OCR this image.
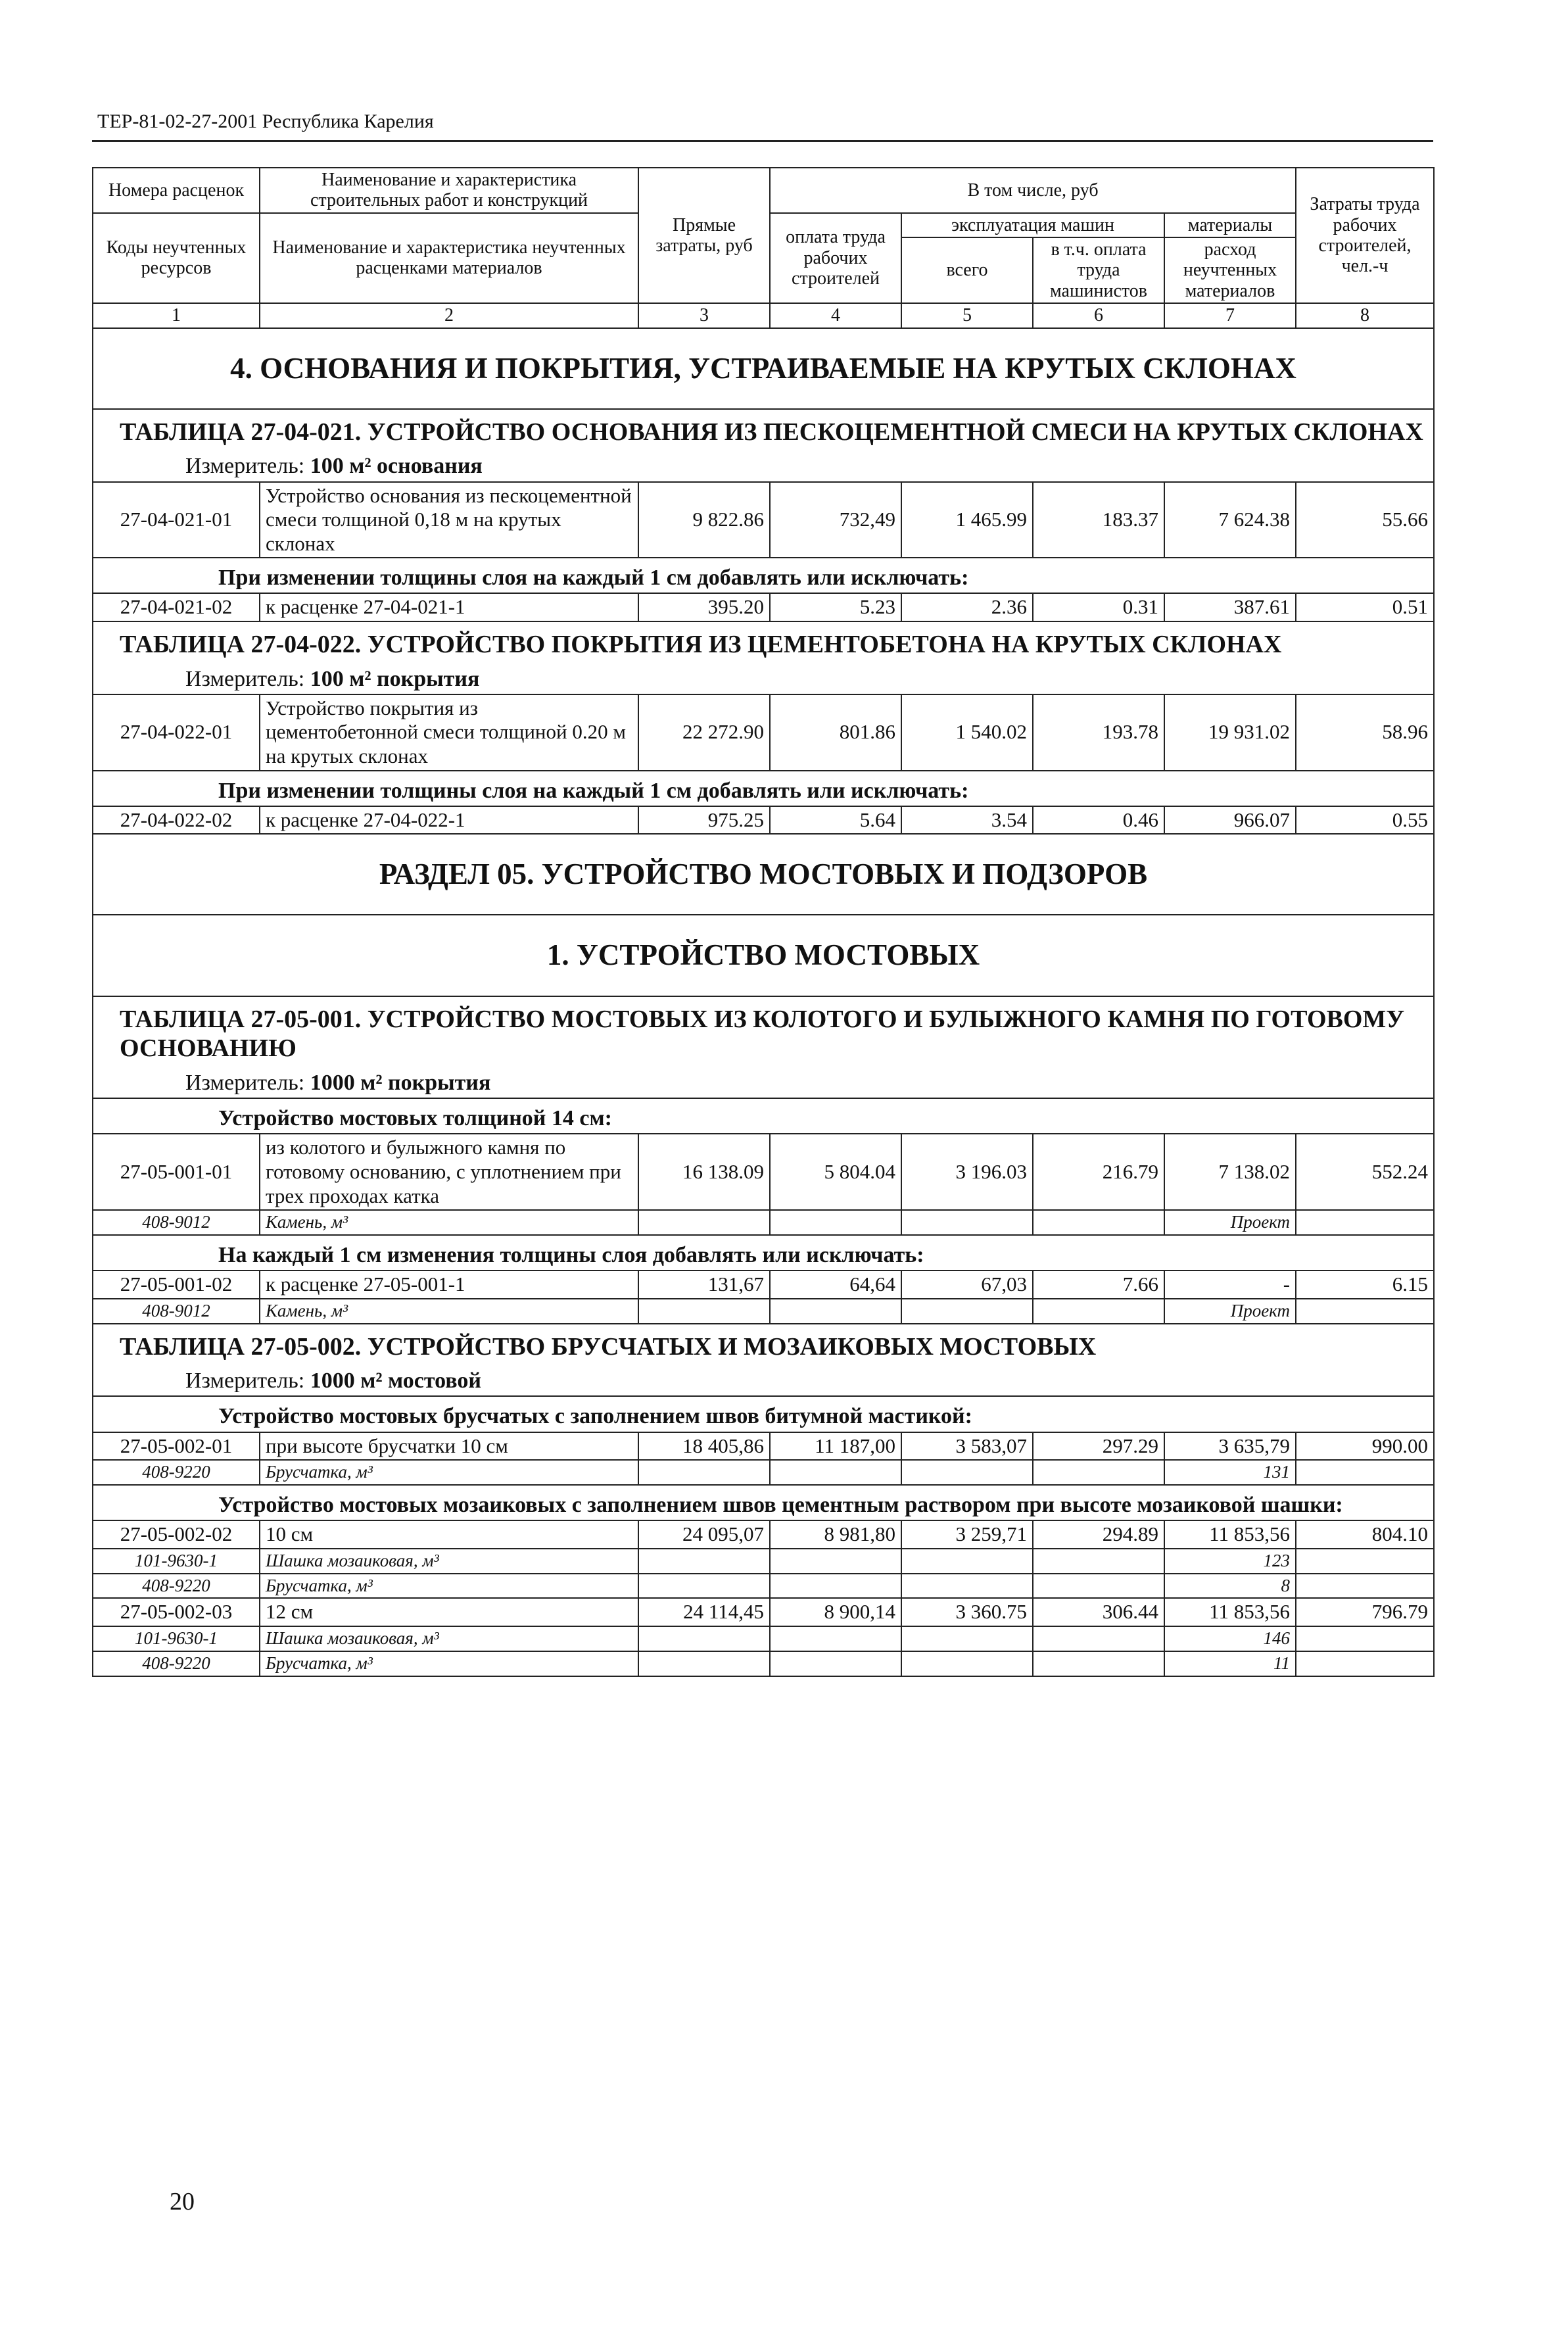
ТЕР-81-02-27-2001 Республика Карелия
Номера расценок	Наименование и характеристика строительных работ и конструкций	Прямые затраты, руб	В том числе, руб				Затраты труда рабочих строителей, чел.-ч
Коды неучтенных ресурсов	Наименование и характеристика неучтенных расценками материалов		оплата труда рабочих строителей	эксплуатация машин		материалы	
				всего	в т.ч. оплата труда машинистов	расход неучтенных материалов	
1	2	3	4	5	6	7	8
4. ОСНОВАНИЯ И ПОКРЫТИЯ, УСТРАИВАЕМЫЕ НА КРУТЫХ СКЛОНАХ							

ТАБЛИЦА 27-04-021. УСТРОЙСТВО ОСНОВАНИЯ ИЗ ПЕСКОЦЕМЕНТНОЙ СМЕСИ НА КРУТЫХ СКЛОНАХ
Измеритель: 100 м² основания							

27-04-021-01	Устройство основания из пескоцементной смеси толщиной 0,18 м на крутых склонах	9 822.86	732,49	1 465.99	183.37	7 624.38	55.66
При изменении толщины слоя на каждый 1 см добавлять или исключать:							
27-04-021-02	к расценке 27-04-021-1	395.20	5.23	2.36	0.31	387.61	0.51

ТАБЛИЦА 27-04-022. УСТРОЙСТВО ПОКРЫТИЯ ИЗ ЦЕМЕНТОБЕТОНА НА КРУТЫХ СКЛОНАХ
Измеритель: 100 м² покрытия							

27-04-022-01	Устройство покрытия из цементобетонной смеси толщиной 0.20 м на крутых склонах	22 272.90	801.86	1 540.02	193.78	19 931.02	58.96
При изменении толщины слоя на каждый 1 см добавлять или исключать:							
27-04-022-02	к расценке 27-04-022-1	975.25	5.64	3.54	0.46	966.07	0.55
РАЗДЕЛ 05. УСТРОЙСТВО МОСТОВЫХ И ПОДЗОРОВ							
1. УСТРОЙСТВО МОСТОВЫХ							

ТАБЛИЦА 27-05-001. УСТРОЙСТВО МОСТОВЫХ ИЗ КОЛОТОГО И БУЛЫЖНОГО КАМНЯ ПО ГОТОВОМУ ОСНОВАНИЮ
Измеритель: 1000 м² покрытия							

Устройство мостовых толщиной 14 см:							
27-05-001-01	из колотого и булыжного камня по готовому основанию, с уплотнением при трех проходах катка	16 138.09	5 804.04	3 196.03	216.79	7 138.02	552.24
408-9012	Камень, м³					Проект	
На каждый 1 см изменения толщины слоя добавлять или исключать:							
27-05-001-02	к расценке 27-05-001-1	131,67	64,64	67,03	7.66	-	6.15
408-9012	Камень, м³					Проект	

ТАБЛИЦА 27-05-002. УСТРОЙСТВО БРУСЧАТЫХ И МОЗАИКОВЫХ МОСТОВЫХ
Измеритель: 1000 м² мостовой							

Устройство мостовых брусчатых с заполнением швов битумной мастикой:							
27-05-002-01	при высоте брусчатки 10 см	18 405,86	11 187,00	3 583,07	297.29	3 635,79	990.00
408-9220	Брусчатка, м³					131	
Устройство мостовых мозаиковых с заполнением швов цементным раствором при высоте мозаиковой шашки:							
27-05-002-02	10 см	24 095,07	8 981,80	3 259,71	294.89	11 853,56	804.10
101-9630-1	Шашка мозаиковая, м³					123	
408-9220	Брусчатка, м³					8	
27-05-002-03	12 см	24 114,45	8 900,14	3 360.75	306.44	11 853,56	796.79
101-9630-1	Шашка мозаиковая, м³					146	
408-9220	Брусчатка, м³					11	
20
